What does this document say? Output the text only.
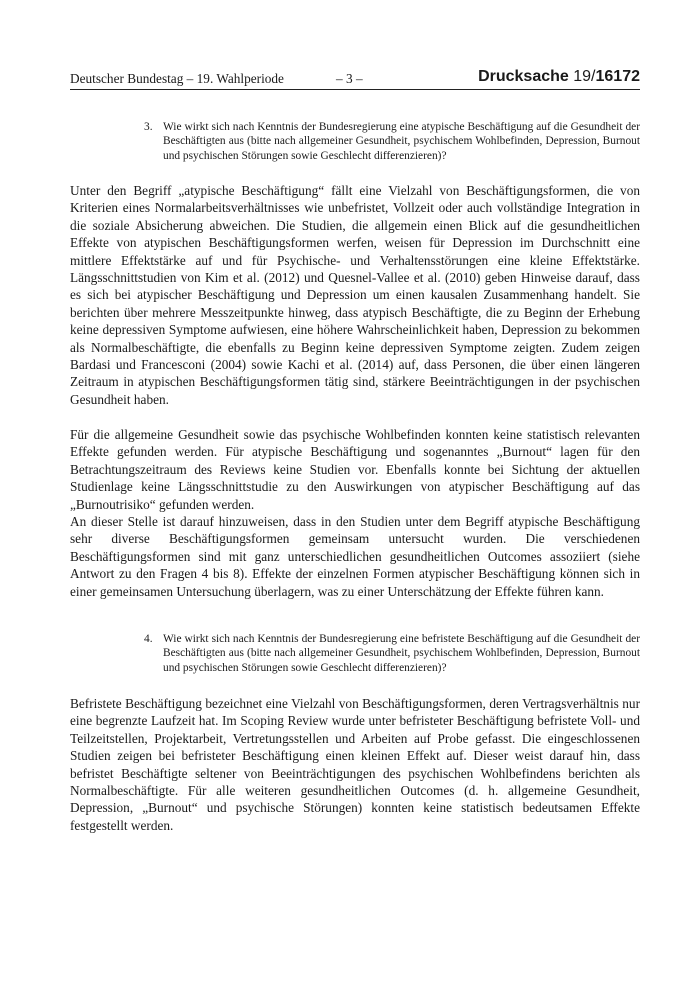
Deutscher Bundestag – 19. Wahlperiode	– 3 –	Drucksache 19/16172
3. Wie wirkt sich nach Kenntnis der Bundesregierung eine atypische Beschäftigung auf die Gesundheit der Beschäftigten aus (bitte nach allgemeiner Gesundheit, psychischem Wohlbefinden, Depression, Burnout und psychischen Störungen sowie Geschlecht differenzieren)?

Unter den Begriff „atypische Beschäftigung“ fällt eine Vielzahl von Beschäftigungsformen, die von Kriterien eines Normalarbeitsverhältnisses wie unbefristet, Vollzeit oder auch vollständige Integration in die soziale Absicherung abweichen. Die Studien, die allgemein einen Blick auf die gesundheitlichen Effekte von atypischen Beschäftigungsformen werfen, weisen für Depression im Durchschnitt eine mittlere Effektstärke auf und für Psychische- und Verhaltensstörungen eine kleine Effektstärke. Längsschnittstudien von Kim et al. (2012) und Quesnel-Vallee et al. (2010) geben Hinweise darauf, dass es sich bei atypischer Beschäftigung und Depression um einen kausalen Zusammenhang handelt. Sie berichten über mehrere Messzeitpunkte hinweg, dass atypisch Beschäftigte, die zu Beginn der Erhebung keine depressiven Symptome aufwiesen, eine höhere Wahrscheinlichkeit haben, Depression zu bekommen als Normalbeschäftigte, die ebenfalls zu Beginn keine depressiven Symptome zeigten. Zudem zeigen Bardasi und Francesconi (2004) sowie Kachi et al. (2014) auf, dass Personen, die über einen längeren Zeitraum in atypischen Beschäftigungsformen tätig sind, stärkere Beeinträchtigungen in der psychischen Gesundheit haben.

Für die allgemeine Gesundheit sowie das psychische Wohlbefinden konnten keine statistisch relevanten Effekte gefunden werden. Für atypische Beschäftigung und sogenanntes „Burnout“ lagen für den Betrachtungszeitraum des Reviews keine Studien vor. Ebenfalls konnte bei Sichtung der aktuellen Studienlage keine Längsschnittstudie zu den Auswirkungen von atypischer Beschäftigung auf das „Burnoutrisiko“ gefunden werden.

An dieser Stelle ist darauf hinzuweisen, dass in den Studien unter dem Begriff atypische Beschäftigung sehr diverse Beschäftigungsformen gemeinsam untersucht wurden. Die verschiedenen Beschäftigungsformen sind mit ganz unterschiedlichen gesundheitlichen Outcomes assoziiert (siehe Antwort zu den Fragen 4 bis 8). Effekte der einzelnen Formen atypischer Beschäftigung können sich in einer gemeinsamen Untersuchung überlagern, was zu einer Unterschätzung der Effekte führen kann.

4. Wie wirkt sich nach Kenntnis der Bundesregierung eine befristete Beschäftigung auf die Gesundheit der Beschäftigten aus (bitte nach allgemeiner Gesundheit, psychischem Wohlbefinden, Depression, Burnout und psychischen Störungen sowie Geschlecht differenzieren)?

Befristete Beschäftigung bezeichnet eine Vielzahl von Beschäftigungsformen, deren Vertragsverhältnis nur eine begrenzte Laufzeit hat. Im Scoping Review wurde unter befristeter Beschäftigung befristete Voll- und Teilzeitstellen, Projektarbeit, Vertretungsstellen und Arbeiten auf Probe gefasst. Die eingeschlossenen Studien zeigen bei befristeter Beschäftigung einen kleinen Effekt auf. Dieser weist darauf hin, dass befristet Beschäftigte seltener von Beeinträchtigungen des psychischen Wohlbefindens berichten als Normalbeschäftigte. Für alle weiteren gesundheitlichen Outcomes (d. h. allgemeine Gesundheit, Depression, „Burnout“ und psychische Störungen) konnten keine statistisch bedeutsamen Effekte festgestellt werden.
